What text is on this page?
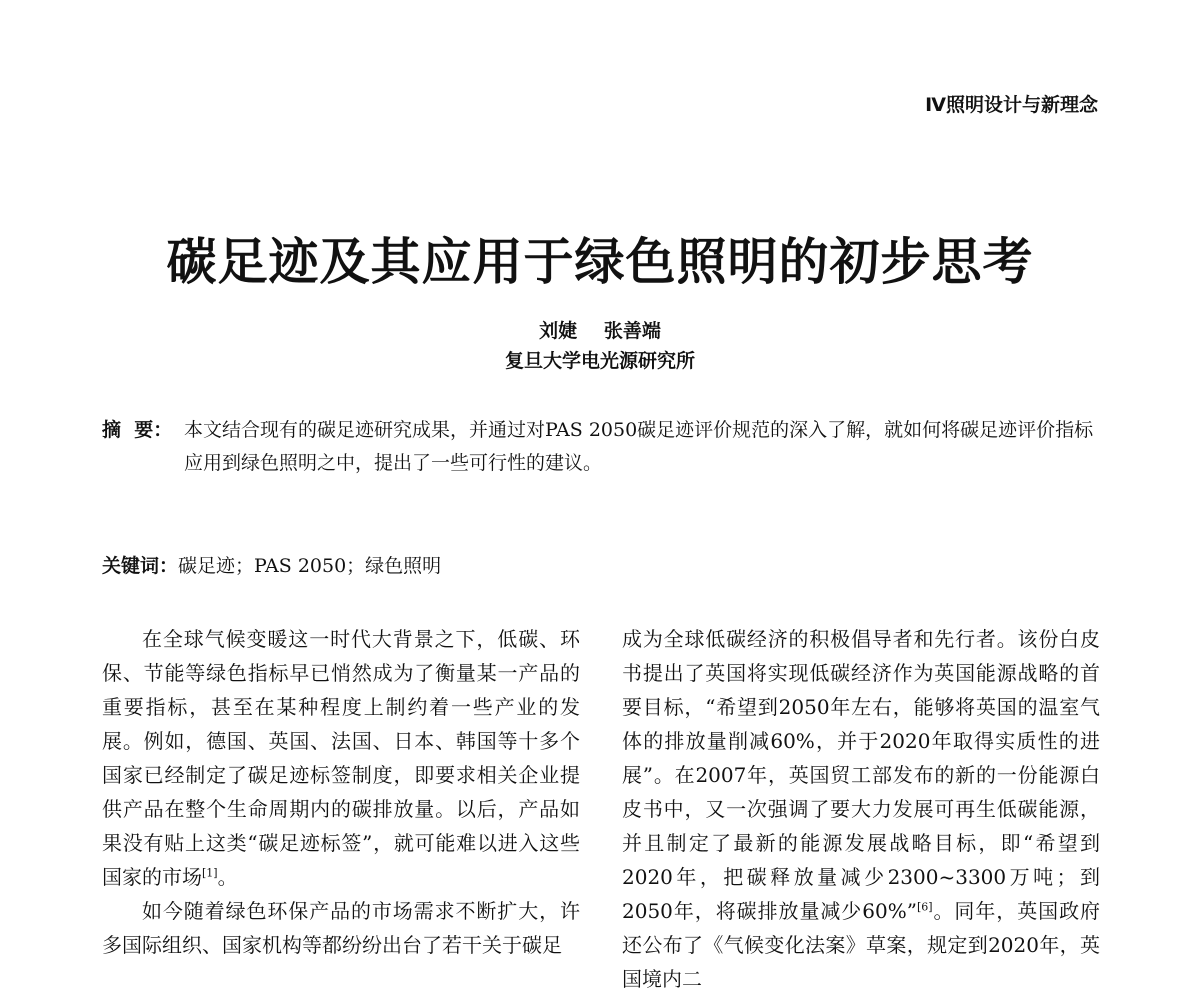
Ⅳ照明设计与新理念
碳足迹及其应用于绿色照明的初步思考
刘婕 张善端
复旦大学电光源研究所
摘  要： 本文结合现有的碳足迹研究成果，并通过对PAS 2050碳足迹评价规范的深入了解，就如何将碳足迹评价指标应用到绿色照明之中，提出了一些可行性的建议。
关键词：碳足迹；PAS 2050；绿色照明

在全球气候变暖这一时代大背景之下，低碳、环保、节能等绿色指标早已悄然成为了衡量某一产品的重要指标，甚至在某种程度上制约着一些产业的发展。例如，德国、英国、法国、日本、韩国等十多个国家已经制定了碳足迹标签制度，即要求相关企业提供产品在整个生命周期内的碳排放量。以后，产品如果没有贴上这类“碳足迹标签”，就可能难以进入这些国家的市场[1]。

如今随着绿色环保产品的市场需求不断扩大，许多国际组织、国家机构等都纷纷出台了若干关于碳足

成为全球低碳经济的积极倡导者和先行者。该份白皮书提出了英国将实现低碳经济作为英国能源战略的首要目标，“希望到2050年左右，能够将英国的温室气体的排放量削减60%，并于2020年取得实质性的进展”。在2007年，英国贸工部发布的新的一份能源白皮书中，又一次强调了要大力发展可再生低碳能源，并且制定了最新的能源发展战略目标，即“希望到2020年，把碳释放量减少2300~3300万吨；到2050年，将碳排放量减少60%”[6]。同年，英国政府还公布了《气候变化法案》草案，规定到2020年，英国境内二
